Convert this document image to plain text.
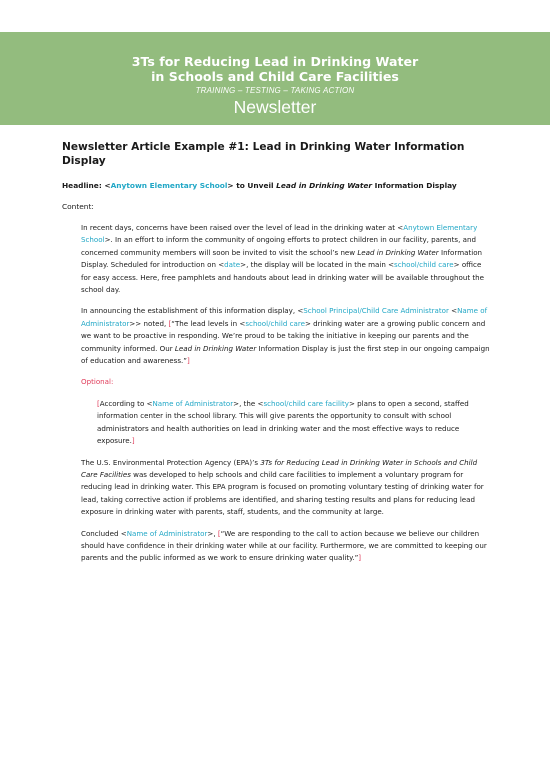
3Ts for Reducing Lead in Drinking Water
in Schools and Child Care Facilities
TRAINING – TESTING – TAKING ACTION
Newsletter
Newsletter Article Example #1: Lead in Drinking Water Information Display
Headline: <Anytown Elementary School> to Unveil Lead in Drinking Water Information Display
Content:
In recent days, concerns have been raised over the level of lead in the drinking water at <Anytown Elementary School>. In an effort to inform the community of ongoing efforts to protect children in our facility, parents, and concerned community members will soon be invited to visit the school’s new Lead in Drinking Water Information Display. Scheduled for introduction on <date>, the display will be located in the main <school/child care> office for easy access. Here, free pamphlets and handouts about lead in drinking water will be available throughout the school day.
In announcing the establishment of this information display, <School Principal/Child Care Administrator <Name of Administrator>> noted, [“The lead levels in <school/child care> drinking water are a growing public concern and we want to be proactive in responding. We’re proud to be taking the initiative in keeping our parents and the community informed. Our Lead in Drinking Water Information Display is just the first step in our ongoing campaign of education and awareness.”]
Optional:
[According to <Name of Administrator>, the <school/child care facility> plans to open a second, staffed information center in the school library. This will give parents the opportunity to consult with school administrators and health authorities on lead in drinking water and the most effective ways to reduce exposure.]
The U.S. Environmental Protection Agency (EPA)’s 3Ts for Reducing Lead in Drinking Water in Schools and Child Care Facilities was developed to help schools and child care facilities to implement a voluntary program for reducing lead in drinking water. This EPA program is focused on promoting voluntary testing of drinking water for lead, taking corrective action if problems are identified, and sharing testing results and plans for reducing lead exposure in drinking water with parents, staff, students, and the community at large.
Concluded <Name of Administrator>, [“We are responding to the call to action because we believe our children should have confidence in their drinking water while at our facility. Furthermore, we are committed to keeping our parents and the public informed as we work to ensure drinking water quality.”]
